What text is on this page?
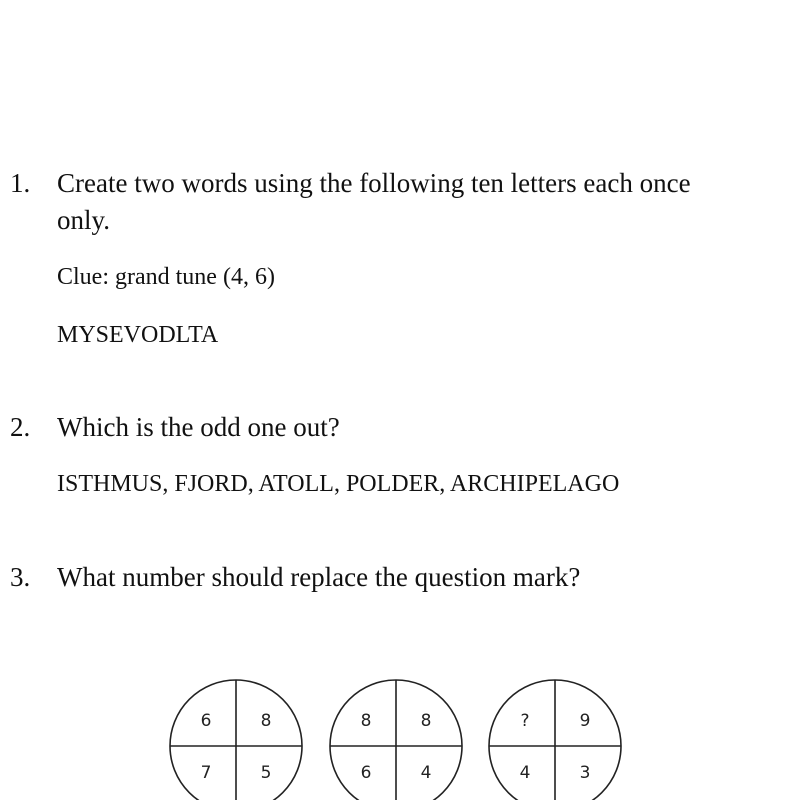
1. Create two words using the following ten letters each once only.
Clue: grand tune (4, 6)
MYSEVODLTA
2. Which is the odd one out?
ISTHMUS, FJORD, ATOLL, POLDER, ARCHIPELAGO
3. What number should replace the question mark?
6	8
7	5
8	8
6	4
?	9
4	3
